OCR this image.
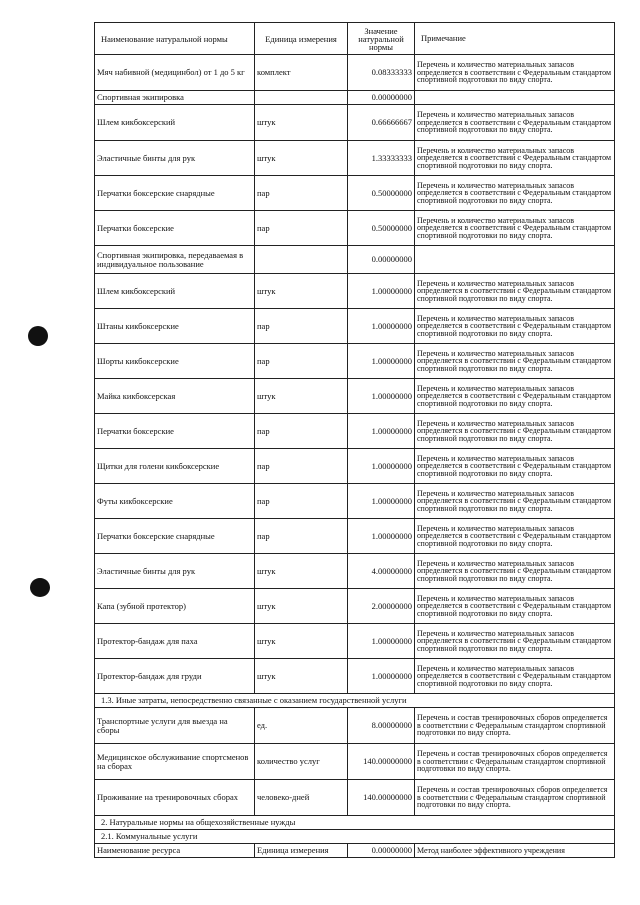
Наименование натуральной нормы	Единица измерения	Значение натуральной нормы	Примечание
Мяч набивной (медицинбол) от 1 до 5 кг	комплект	0.08333333	Перечень и количество материальных запасов определяется в соответствии с Федеральным стандартом спортивной подготовки по виду спорта.
Спортивная экипировка		0.00000000	
Шлем кикбоксерский	штук	0.66666667	Перечень и количество материальных запасов определяется в соответствии с Федеральным стандартом спортивной подготовки по виду спорта.
Эластичные бинты для рук	штук	1.33333333	Перечень и количество материальных запасов определяется в соответствии с Федеральным стандартом спортивной подготовки по виду спорта.
Перчатки боксерские снарядные	пар	0.50000000	Перечень и количество материальных запасов определяется в соответствии с Федеральным стандартом спортивной подготовки по виду спорта.
Перчатки боксерские	пар	0.50000000	Перечень и количество материальных запасов определяется в соответствии с Федеральным стандартом спортивной подготовки по виду спорта.
Спортивная экипировка, передаваемая в индивидуальное пользование		0.00000000	
Шлем кикбоксерский	штук	1.00000000	Перечень и количество материальных запасов определяется в соответствии с Федеральным стандартом спортивной подготовки по виду спорта.
Штаны кикбоксерские	пар	1.00000000	Перечень и количество материальных запасов определяется в соответствии с Федеральным стандартом спортивной подготовки по виду спорта.
Шорты кикбоксерские	пар	1.00000000	Перечень и количество материальных запасов определяется в соответствии с Федеральным стандартом спортивной подготовки по виду спорта.
Майка кикбоксерская	штук	1.00000000	Перечень и количество материальных запасов определяется в соответствии с Федеральным стандартом спортивной подготовки по виду спорта.
Перчатки боксерские	пар	1.00000000	Перечень и количество материальных запасов определяется в соответствии с Федеральным стандартом спортивной подготовки по виду спорта.
Щитки для голени кикбоксерские	пар	1.00000000	Перечень и количество материальных запасов определяется в соответствии с Федеральным стандартом спортивной подготовки по виду спорта.
Футы кикбоксерские	пар	1.00000000	Перечень и количество материальных запасов определяется в соответствии с Федеральным стандартом спортивной подготовки по виду спорта.
Перчатки боксерские снарядные	пар	1.00000000	Перечень и количество материальных запасов определяется в соответствии с Федеральным стандартом спортивной подготовки по виду спорта.
Эластичные бинты для рук	штук	4.00000000	Перечень и количество материальных запасов определяется в соответствии с Федеральным стандартом спортивной подготовки по виду спорта.
Капа (зубной протектор)	штук	2.00000000	Перечень и количество материальных запасов определяется в соответствии с Федеральным стандартом спортивной подготовки по виду спорта.
Протектор-бандаж для паха	штук	1.00000000	Перечень и количество материальных запасов определяется в соответствии с Федеральным стандартом спортивной подготовки по виду спорта.
Протектор-бандаж для груди	штук	1.00000000	Перечень и количество материальных запасов определяется в соответствии с Федеральным стандартом спортивной подготовки по виду спорта.
1.3. Иные затраты, непосредственно связанные с оказанием государственной услуги			
Транспортные услуги для выезда на сборы	ед.	8.00000000	Перечень и состав тренировочных сборов определяется в соответствии с Федеральным стандартом спортивной подготовки по виду спорта.
Медицинское обслуживание спортсменов на сборах	количество услуг	140.00000000	Перечень и состав тренировочных сборов определяется в соответствии с Федеральным стандартом спортивной подготовки по виду спорта.
Проживание на тренировочных сборах	человеко-дней	140.00000000	Перечень и состав тренировочных сборов определяется в соответствии с Федеральным стандартом спортивной подготовки по виду спорта.
2. Натуральные нормы на общехозяйственные нужды			
2.1. Коммунальные услуги			
Наименование ресурса	Единица измерения	0.00000000	Метод наиболее эффективного учреждения
